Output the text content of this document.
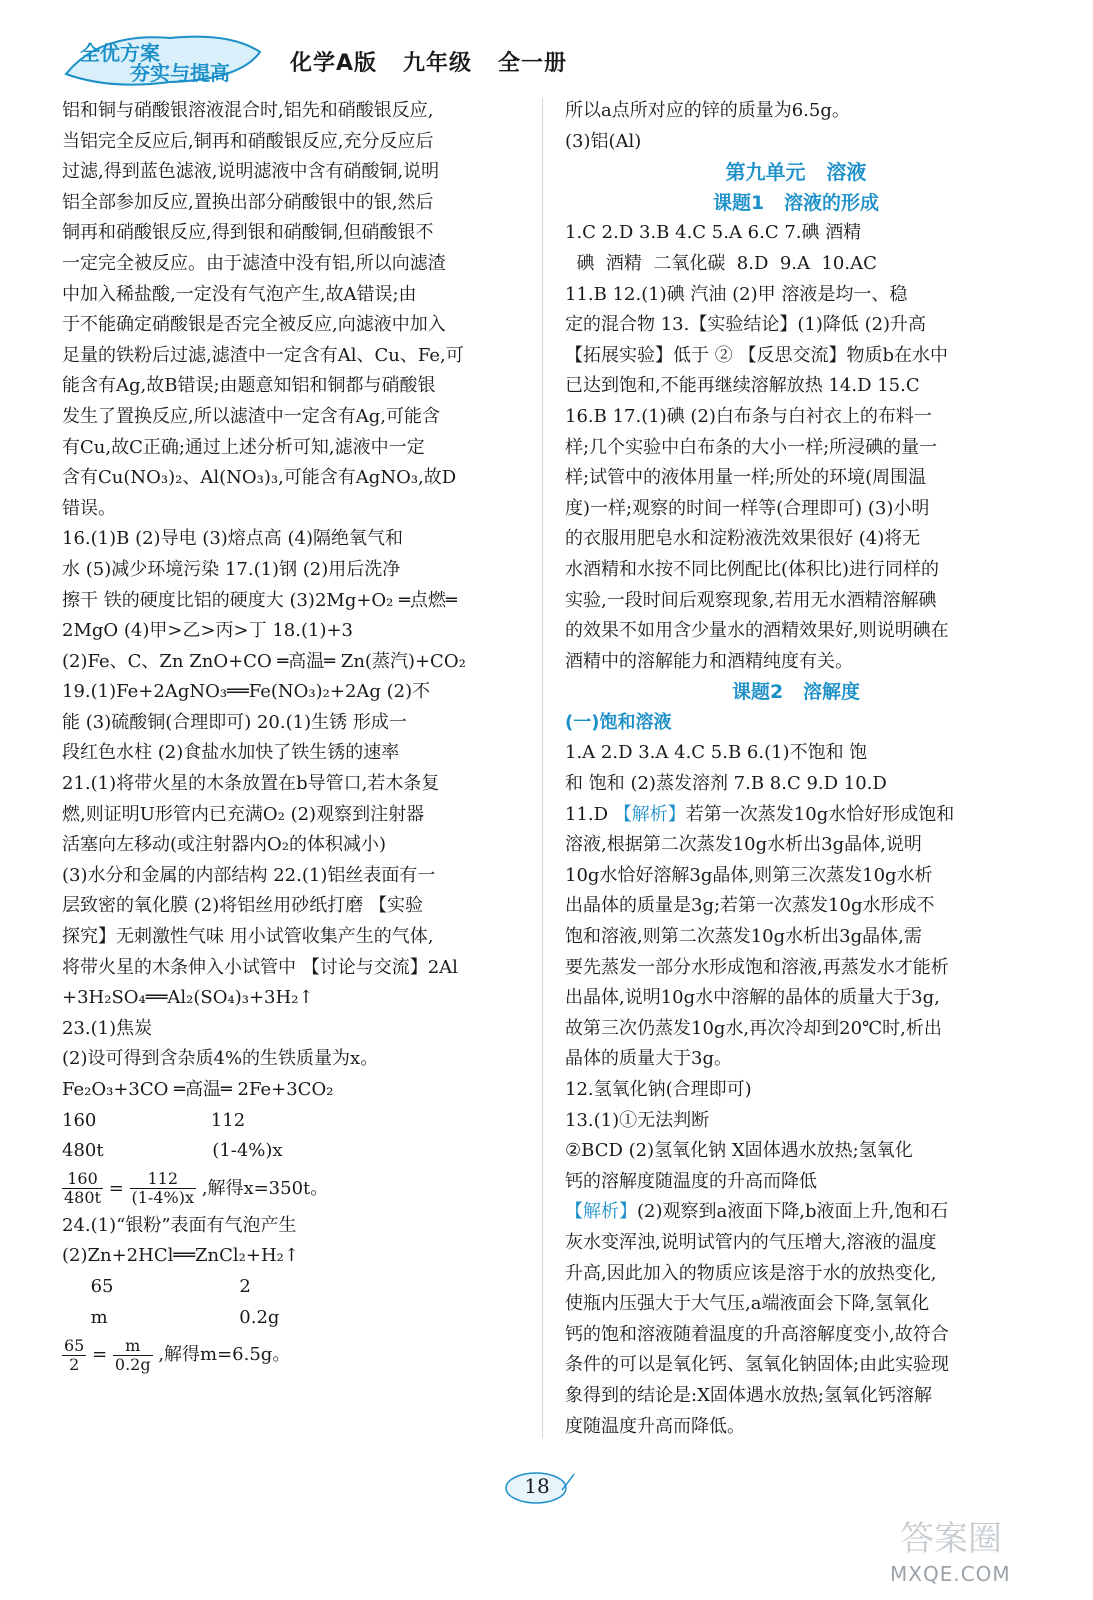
全优方案
夯实与提高	化学A版   九年级   全一册
铝和铜与硝酸银溶液混合时,铝先和硝酸银反应,
当铝完全反应后,铜再和硝酸银反应,充分反应后
过滤,得到蓝色滤液,说明滤液中含有硝酸铜,说明
铝全部参加反应,置换出部分硝酸银中的银,然后
铜再和硝酸银反应,得到银和硝酸铜,但硝酸银不
一定完全被反应。由于滤渣中没有铝,所以向滤渣
中加入稀盐酸,一定没有气泡产生,故A错误;由
于不能确定硝酸银是否完全被反应,向滤液中加入
足量的铁粉后过滤,滤渣中一定含有Al、Cu、Fe,可
能含有Ag,故B错误;由题意知铝和铜都与硝酸银
发生了置换反应,所以滤渣中一定含有Ag,可能含
有Cu,故C正确;通过上述分析可知,滤液中一定
含有Cu(NO₃)₂、Al(NO₃)₃,可能含有AgNO₃,故D
错误。
16.(1)B (2)导电 (3)熔点高 (4)隔绝氧气和
水 (5)减少环境污染 17.(1)钢 (2)用后洗净
擦干 铁的硬度比铝的硬度大 (3)2Mg+O₂ ═点燃═
2MgO (4)甲>乙>丙>丁 18.(1)+3
(2)Fe、C、Zn ZnO+CO ═高温═ Zn(蒸汽)+CO₂
19.(1)Fe+2AgNO₃══Fe(NO₃)₂+2Ag (2)不
能 (3)硫酸铜(合理即可) 20.(1)生锈 形成一
段红色水柱 (2)食盐水加快了铁生锈的速率
21.(1)将带火星的木条放置在b导管口,若木条复
燃,则证明U形管内已充满O₂ (2)观察到注射器
活塞向左移动(或注射器内O₂的体积减小)
(3)水分和金属的内部结构 22.(1)铝丝表面有一
层致密的氧化膜 (2)将铝丝用砂纸打磨 【实验
探究】无刺激性气味 用小试管收集产生的气体,
将带火星的木条伸入小试管中 【讨论与交流】2Al
+3H₂SO₄══Al₂(SO₄)₃+3H₂↑
23.(1)焦炭
(2)设可得到含杂质4%的生铁质量为x。
Fe₂O₃+3CO ═高温═ 2Fe+3CO₂
160                    112
480t                   (1-4%)x
$\frac{160}{480t} = \frac{112}{(1-4\%)x}$ ,解得x=350t。
24.(1)“银粉”表面有气泡产生
(2)Zn+2HCl══ZnCl₂+H₂↑
65                      2
m                       0.2g
$\frac{65}{2} = \frac{m}{0.2g}$ ,解得m=6.5g。
所以a点所对应的锌的质量为6.5g。
(3)铝(Al)
第九单元   溶液
课题1   溶液的形成
1.C 2.D 3.B 4.C 5.A 6.C 7.碘 酒精
碘  酒精  二氧化碳  8.D  9.A  10.AC
11.B 12.(1)碘 汽油 (2)甲 溶液是均一、稳
定的混合物 13.【实验结论】(1)降低 (2)升高
【拓展实验】低于 ② 【反思交流】物质b在水中
已达到饱和,不能再继续溶解放热 14.D 15.C
16.B 17.(1)碘 (2)白布条与白衬衣上的布料一
样;几个实验中白布条的大小一样;所浸碘的量一
样;试管中的液体用量一样;所处的环境(周围温
度)一样;观察的时间一样等(合理即可) (3)小明
的衣服用肥皂水和淀粉液洗效果很好 (4)将无
水酒精和水按不同比例配比(体积比)进行同样的
实验,一段时间后观察现象,若用无水酒精溶解碘
的效果不如用含少量水的酒精效果好,则说明碘在
酒精中的溶解能力和酒精纯度有关。
课题2   溶解度
(一)饱和溶液
1.A 2.D 3.A 4.C 5.B 6.(1)不饱和 饱
和 饱和 (2)蒸发溶剂 7.B 8.C 9.D 10.D
11.D 【解析】若第一次蒸发10g水恰好形成饱和
溶液,根据第二次蒸发10g水析出3g晶体,说明
10g水恰好溶解3g晶体,则第三次蒸发10g水析
出晶体的质量是3g;若第一次蒸发10g水形成不
饱和溶液,则第二次蒸发10g水析出3g晶体,需
要先蒸发一部分水形成饱和溶液,再蒸发水才能析
出晶体,说明10g水中溶解的晶体的质量大于3g,
故第三次仍蒸发10g水,再次冷却到20℃时,析出
晶体的质量大于3g。
12.氢氧化钠(合理即可)
13.(1)①无法判断
②BCD (2)氢氧化钠 X固体遇水放热;氢氧化
钙的溶解度随温度的升高而降低
【解析】(2)观察到a液面下降,b液面上升,饱和石
灰水变浑浊,说明试管内的气压增大,溶液的温度
升高,因此加入的物质应该是溶于水的放热变化,
使瓶内压强大于大气压,a端液面会下降,氢氧化
钙的饱和溶液随着温度的升高溶解度变小,故符合
条件的可以是氧化钙、氢氧化钠固体;由此实验现
象得到的结论是:X固体遇水放热;氢氧化钙溶解
度随温度升高而降低。
18
答案圈
MXQE.COM
